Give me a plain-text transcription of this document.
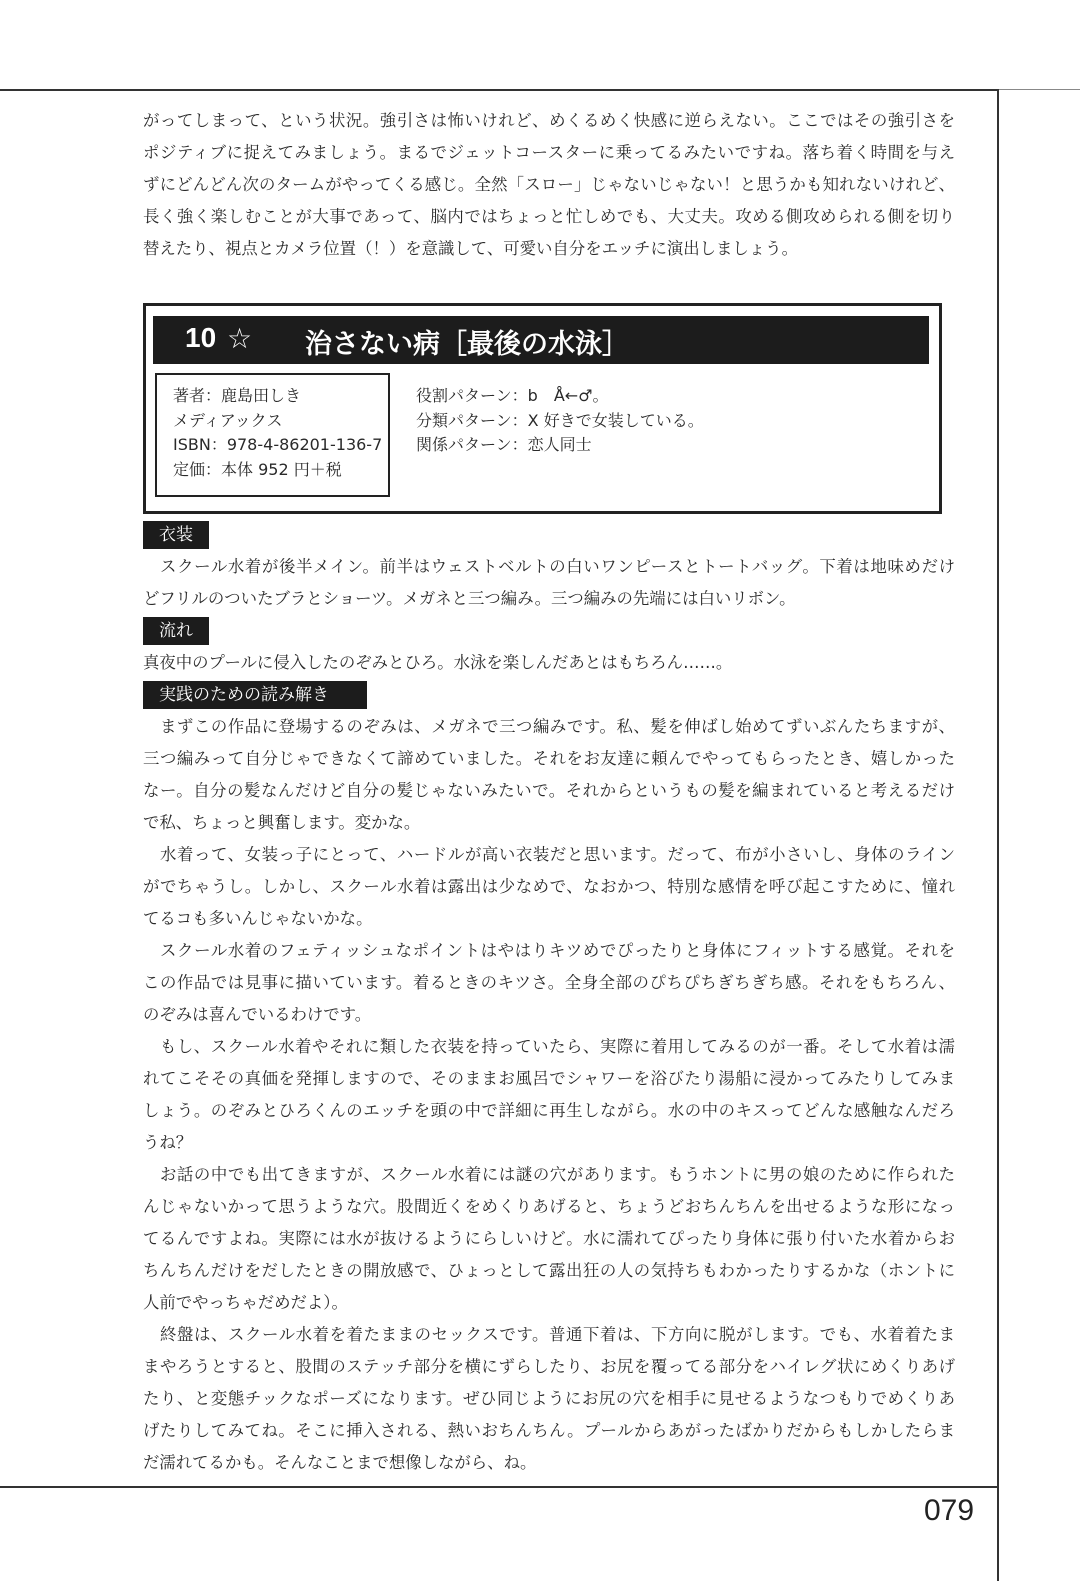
がってしまって、という状況。強引さは怖いけれど、めくるめく快感に逆らえない。ここではその強引さを
ポジティブに捉えてみましょう。まるでジェットコースターに乗ってるみたいですね。落ち着く時間を与え
ずにどんどん次のタームがやってくる感じ。全然「スロー」じゃないじゃない！と思うかも知れないけれど、
長く強く楽しむことが大事であって、脳内ではちょっと忙しめでも、大丈夫。攻める側攻められる側を切り
替えたり、視点とカメラ位置（！）を意識して、可愛い自分をエッチに演出しましょう。
10 ☆ 治さない病［最後の水泳］
著者：鹿島田しき
メディアックス
ISBN：978-4-86201-136-7
定価：本体 952 円＋税
役割パターン：b　Å←♂。
分類パターン：X 好きで女装している。
関係パターン：恋人同士
衣装
　スクール水着が後半メイン。前半はウェストベルトの白いワンピースとトートバッグ。下着は地味めだけ
どフリルのついたブラとショーツ。メガネと三つ編み。三つ編みの先端には白いリボン。
流れ
真夜中のプールに侵入したのぞみとひろ。水泳を楽しんだあとはもちろん……。
実践のための読み解き
　まずこの作品に登場するのぞみは、メガネで三つ編みです。私、髪を伸ばし始めてずいぶんたちますが、
三つ編みって自分じゃできなくて諦めていました。それをお友達に頼んでやってもらったとき、嬉しかった
なー。自分の髪なんだけど自分の髪じゃないみたいで。それからというもの髪を編まれていると考えるだけ
で私、ちょっと興奮します。変かな。
　水着って、女装っ子にとって、ハードルが高い衣装だと思います。だって、布が小さいし、身体のライン
がでちゃうし。しかし、スクール水着は露出は少なめで、なおかつ、特別な感情を呼び起こすために、憧れ
てるコも多いんじゃないかな。
　スクール水着のフェティッシュなポイントはやはりキツめでぴったりと身体にフィットする感覚。それを
この作品では見事に描いています。着るときのキツさ。全身全部のぴちぴちぎちぎち感。それをもちろん、
のぞみは喜んでいるわけです。
　もし、スクール水着やそれに類した衣装を持っていたら、実際に着用してみるのが一番。そして水着は濡
れてこそその真価を発揮しますので、そのままお風呂でシャワーを浴びたり湯船に浸かってみたりしてみま
しょう。のぞみとひろくんのエッチを頭の中で詳細に再生しながら。水の中のキスってどんな感触なんだろ
うね？
　お話の中でも出てきますが、スクール水着には謎の穴があります。もうホントに男の娘のために作られた
んじゃないかって思うような穴。股間近くをめくりあげると、ちょうどおちんちんを出せるような形になっ
てるんですよね。実際には水が抜けるようにらしいけど。水に濡れてぴったり身体に張り付いた水着からお
ちんちんだけをだしたときの開放感で、ひょっとして露出狂の人の気持ちもわかったりするかな（ホントに
人前でやっちゃだめだよ）。
　終盤は、スクール水着を着たままのセックスです。普通下着は、下方向に脱がします。でも、水着着たま
まやろうとすると、股間のステッチ部分を横にずらしたり、お尻を覆ってる部分をハイレグ状にめくりあげ
たり、と変態チックなポーズになります。ぜひ同じようにお尻の穴を相手に見せるようなつもりでめくりあ
げたりしてみてね。そこに挿入される、熱いおちんちん。プールからあがったばかりだからもしかしたらま
だ濡れてるかも。そんなことまで想像しながら、ね。
079
